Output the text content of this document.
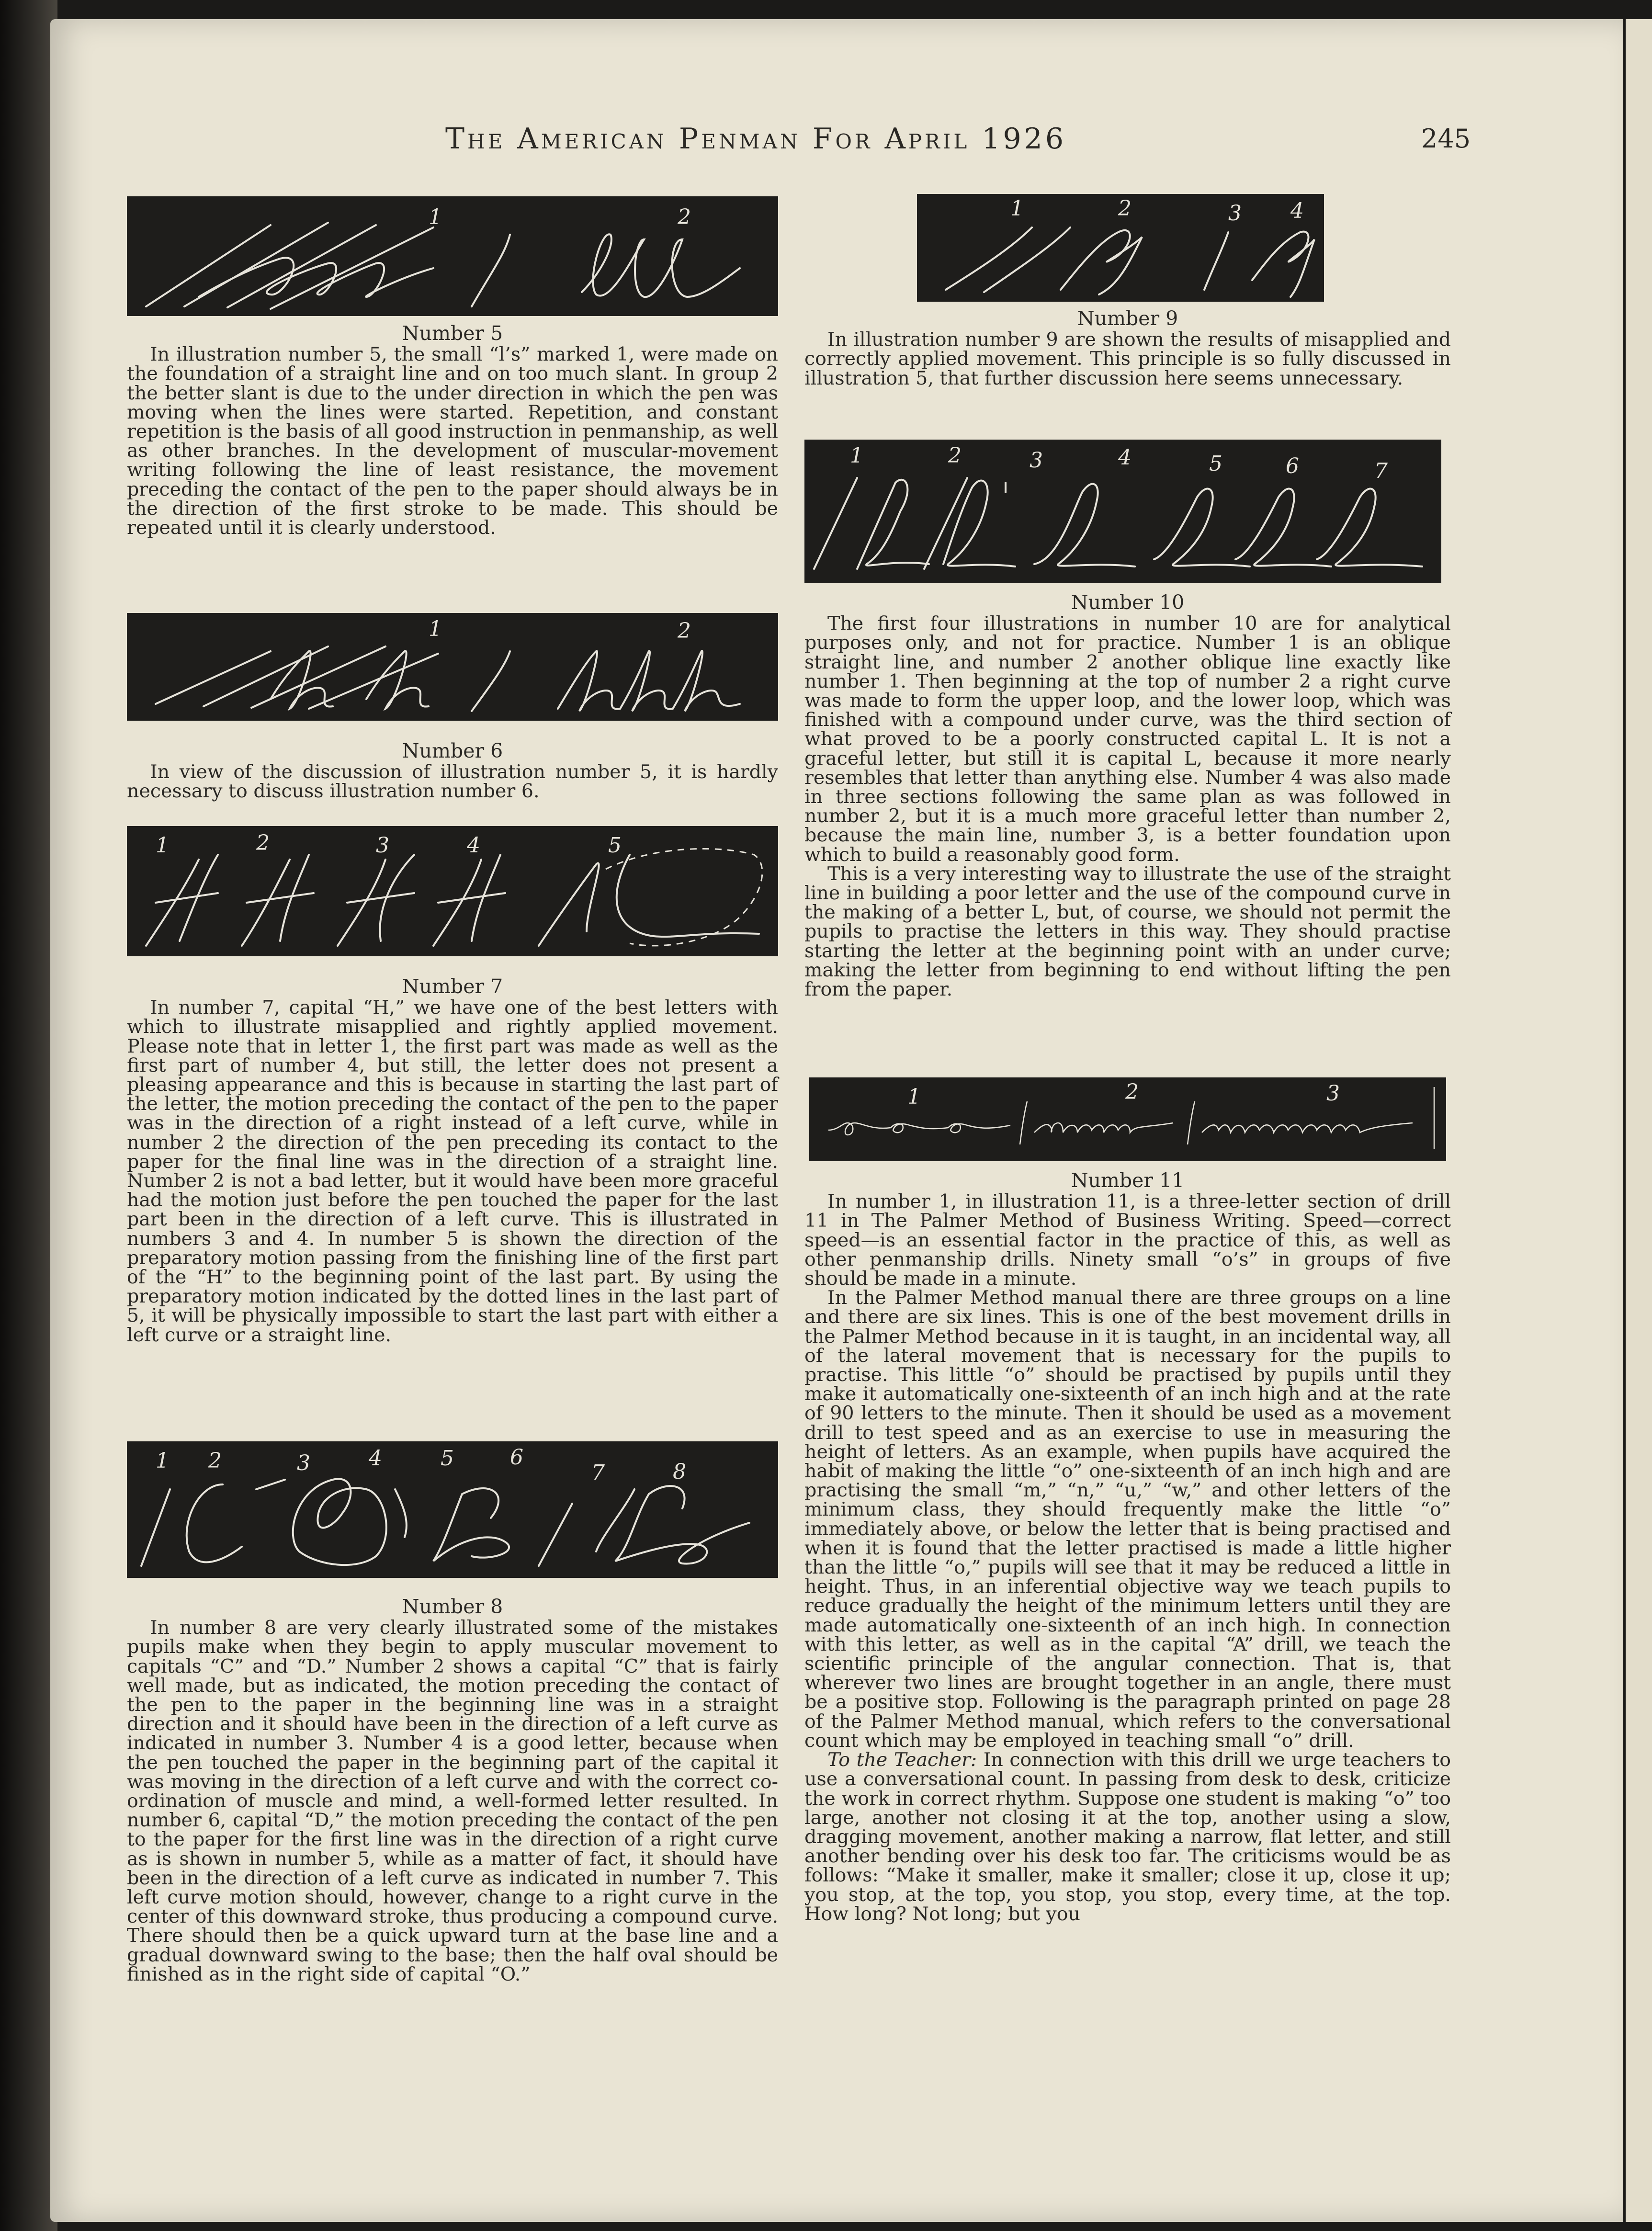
The American Penman For April 1926	245
1	2
Number 5

In illustration number 5, the small “l’s” marked 1, were made on the foundation of a straight line and on too much slant. In group 2 the better slant is due to the under direction in which the pen was moving when the lines were started. Repetition, and constant repetition is the basis of all good instruction in penmanship, as well as other branches. In the development of muscular-movement writing following the line of least resistance, the movement preceding the contact of the pen to the paper should always be in the direction of the first stroke to be made. This should be repeated until it is clearly understood.

1	2
Number 6

In view of the discussion of illustration number 5, it is hardly necessary to discuss illustration number 6.

1	2	3	4	5
Number 7

In number 7, capital “H,” we have one of the best letters with which to illustrate misapplied and rightly applied movement. Please note that in letter 1, the first part was made as well as the first part of number 4, but still, the letter does not present a pleasing appearance and this is because in starting the last part of the letter, the motion preceding the contact of the pen to the paper was in the direction of a right instead of a left curve, while in number 2 the direction of the pen preceding its contact to the paper for the final line was in the direction of a straight line. Number 2 is not a bad letter, but it would have been more graceful had the motion just before the pen touched the paper for the last part been in the direction of a left curve. This is illustrated in numbers 3 and 4. In number 5 is shown the direction of the preparatory motion passing from the finishing line of the first part of the “H” to the beginning point of the last part. By using the preparatory motion indicated by the dotted lines in the last part of 5, it will be physically impossible to start the last part with either a left curve or a straight line.

1 2	3	4	5	6
7	8
Number 8

In number 8 are very clearly illustrated some of the mistakes pupils make when they begin to apply muscular movement to capitals “C” and “D.” Number 2 shows a capital “C” that is fairly well made, but as indicated, the motion preceding the contact of the pen to the paper in the beginning line was in a straight direction and it should have been in the direction of a left curve as indicated in number 3. Number 4 is a good letter, because when the pen touched the paper in the beginning part of the capital it was moving in the direction of a left curve and with the correct co-ordination of muscle and mind, a well-formed letter resulted. In number 6, capital “D,” the motion preceding the contact of the pen to the paper for the first line was in the direction of a right curve as is shown in number 5, while as a matter of fact, it should have been in the direction of a left curve as indicated in number 7. This left curve motion should, however, change to a right curve in the center of this downward stroke, thus producing a compound curve. There should then be a quick upward turn at the base line and a gradual downward swing to the base; then the half oval should be finished as in the right side of capital “O.”

1	2	3 4
Number 9

In illustration number 9 are shown the results of misapplied and correctly applied movement. This principle is so fully discussed in illustration 5, that further discussion here seems unnecessary.

1	2	3	4	5	6	7
Number 10

The first four illustrations in number 10 are for analytical purposes only, and not for practice. Number 1 is an oblique straight line, and number 2 another oblique line exactly like number 1. Then beginning at the top of number 2 a right curve was made to form the upper loop, and the lower loop, which was finished with a compound under curve, was the third section of what proved to be a poorly constructed capital L. It is not a graceful letter, but still it is capital L, because it more nearly resembles that letter than anything else. Number 4 was also made in three sections following the same plan as was followed in number 2, but it is a much more graceful letter than number 2, because the main line, number 3, is a better foundation upon which to build a reasonably good form.

This is a very interesting way to illustrate the use of the straight line in building a poor letter and the use of the compound curve in the making of a better L, but, of course, we should not permit the pupils to practise the letters in this way. They should practise starting the letter at the beginning point with an under curve; making the letter from beginning to end without lifting the pen from the paper.

1	2	3
Number 11

In number 1, in illustration 11, is a three-letter section of drill 11 in The Palmer Method of Business Writing. Speed—correct speed—is an essential factor in the practice of this, as well as other penmanship drills. Ninety small “o’s” in groups of five should be made in a minute.

In the Palmer Method manual there are three groups on a line and there are six lines. This is one of the best movement drills in the Palmer Method because in it is taught, in an incidental way, all of the lateral movement that is necessary for the pupils to practise. This little “o” should be practised by pupils until they make it automatically one-sixteenth of an inch high and at the rate of 90 letters to the minute. Then it should be used as a movement drill to test speed and as an exercise to use in measuring the height of letters. As an example, when pupils have acquired the habit of making the little “o” one-sixteenth of an inch high and are practising the small “m,” “n,” “u,” “w,” and other letters of the minimum class, they should frequently make the little “o” immediately above, or below the letter that is being practised and when it is found that the letter practised is made a little higher than the little “o,” pupils will see that it may be reduced a little in height. Thus, in an inferential objective way we teach pupils to reduce gradually the height of the minimum letters until they are made automatically one-sixteenth of an inch high. In connection with this letter, as well as in the capital “A” drill, we teach the scientific principle of the angular connection. That is, that wherever two lines are brought together in an angle, there must be a positive stop. Following is the paragraph printed on page 28 of the Palmer Method manual, which refers to the conversational count which may be employed in teaching small “o” drill.

To the Teacher: In connection with this drill we urge teachers to use a conversational count. In passing from desk to desk, criticize the work in correct rhythm. Suppose one student is making “o” too large, another not closing it at the top, another using a slow, dragging movement, another making a narrow, flat letter, and still another bending over his desk too far. The criticisms would be as follows: “Make it smaller, make it smaller; close it up, close it up; you stop, at the top, you stop, you stop, every time, at the top. How long? Not long; but you
